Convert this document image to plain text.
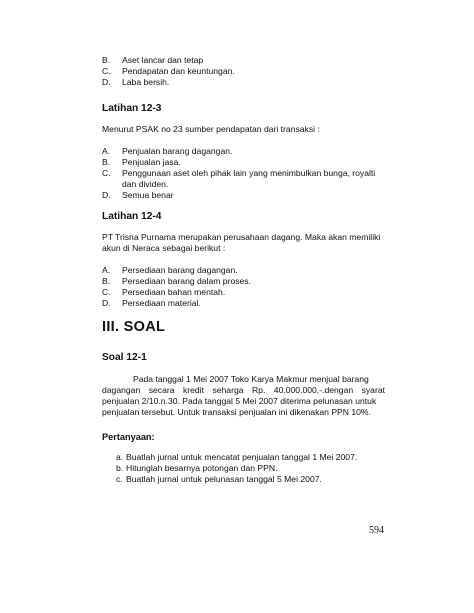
B. Aset lancar dan tetap
C. Pendapatan dan keuntungan.
D. Laba bersih.
Latihan 12-3
Menurut PSAK no 23 sumber pendapatan dari transaksi :
A. Penjualan barang dagangan.
B. Penjualan jasa.
C. Penggunaan aset oleh pihak lain yang menimbulkan bunga, royalti
dan dividen.
D. Semua benar
Latihan 12-4
PT Trisna Purnama merupakan perusahaan dagang. Maka akan memiliki
akun di Neraca sebagai berikut :
A. Persediaan barang dagangan.
B. Persediaan barang dalam proses.
C. Persediaan bahan mentah.
D. Persediaan material.
III. SOAL
Soal 12-1
Pada tanggal 1 Mei 2007 Toko Karya Makmur menjual barang
dagangan secara kredit seharga Rp. 40.000.000,-.dengan syarat
penjualan 2/10.n.30. Pada tanggal 5 Mei 2007 diterima pelunasan untuk
penjualan tersebut. Untuk transaksi penjualan ini dikenakan PPN 10%.
Pertanyaan:
a. Buatlah jurnal untuk mencatat penjualan tanggal 1 Mei 2007.
b. Hitunglah besarnya potongan dan PPN.
c. Buatlah jurnal untuk pelunasan tanggal 5 Mei 2007.
594
